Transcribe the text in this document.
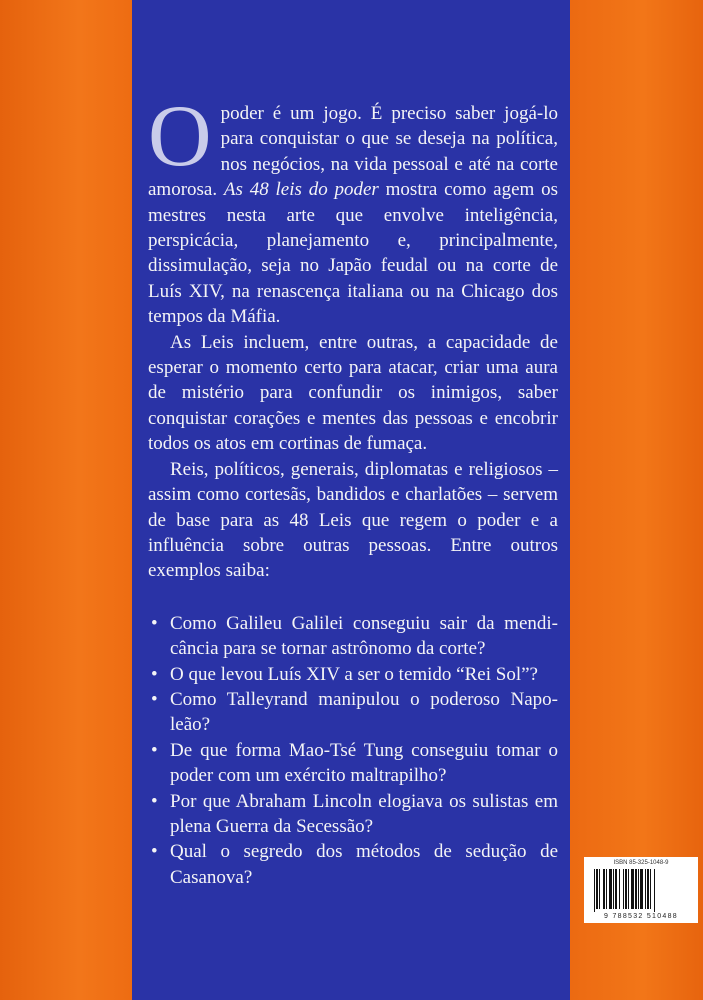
O poder é um jogo. É preciso saber jogá-lo para conquistar o que se deseja na política, nos negócios, na vida pessoal e até na corte amorosa. As 48 leis do poder mostra como agem os mestres nesta arte que envolve inteligência, perspicácia, planejamento e, principalmente, dissimulação, seja no Japão feudal ou na corte de Luís XIV, na renascença italiana ou na Chicago dos tempos da Máfia.

As Leis incluem, entre outras, a capacidade de esperar o momento certo para atacar, criar uma aura de mistério para confundir os inimigos, saber conquistar corações e mentes das pessoas e encobrir todos os atos em cortinas de fumaça.

Reis, políticos, generais, diplomatas e religiosos – assim como cortesãs, bandidos e charlatões – servem de base para as 48 Leis que regem o poder e a influência sobre outras pessoas. Entre outros exemplos saiba:

• Como Galileu Galilei conseguiu sair da mendicância para se tornar astrônomo da corte?

• O que levou Luís XIV a ser o temido “Rei Sol”?

• Como Talleyrand manipulou o poderoso Napoleão?

• De que forma Mao-Tsé Tung conseguiu tomar o poder com um exército maltrapilho?

• Por que Abraham Lincoln elogiava os sulistas em plena Guerra da Secessão?

• Qual o segredo dos métodos de sedução de Casanova?

ISBN 85-325-1048-9
9 788532 510488
